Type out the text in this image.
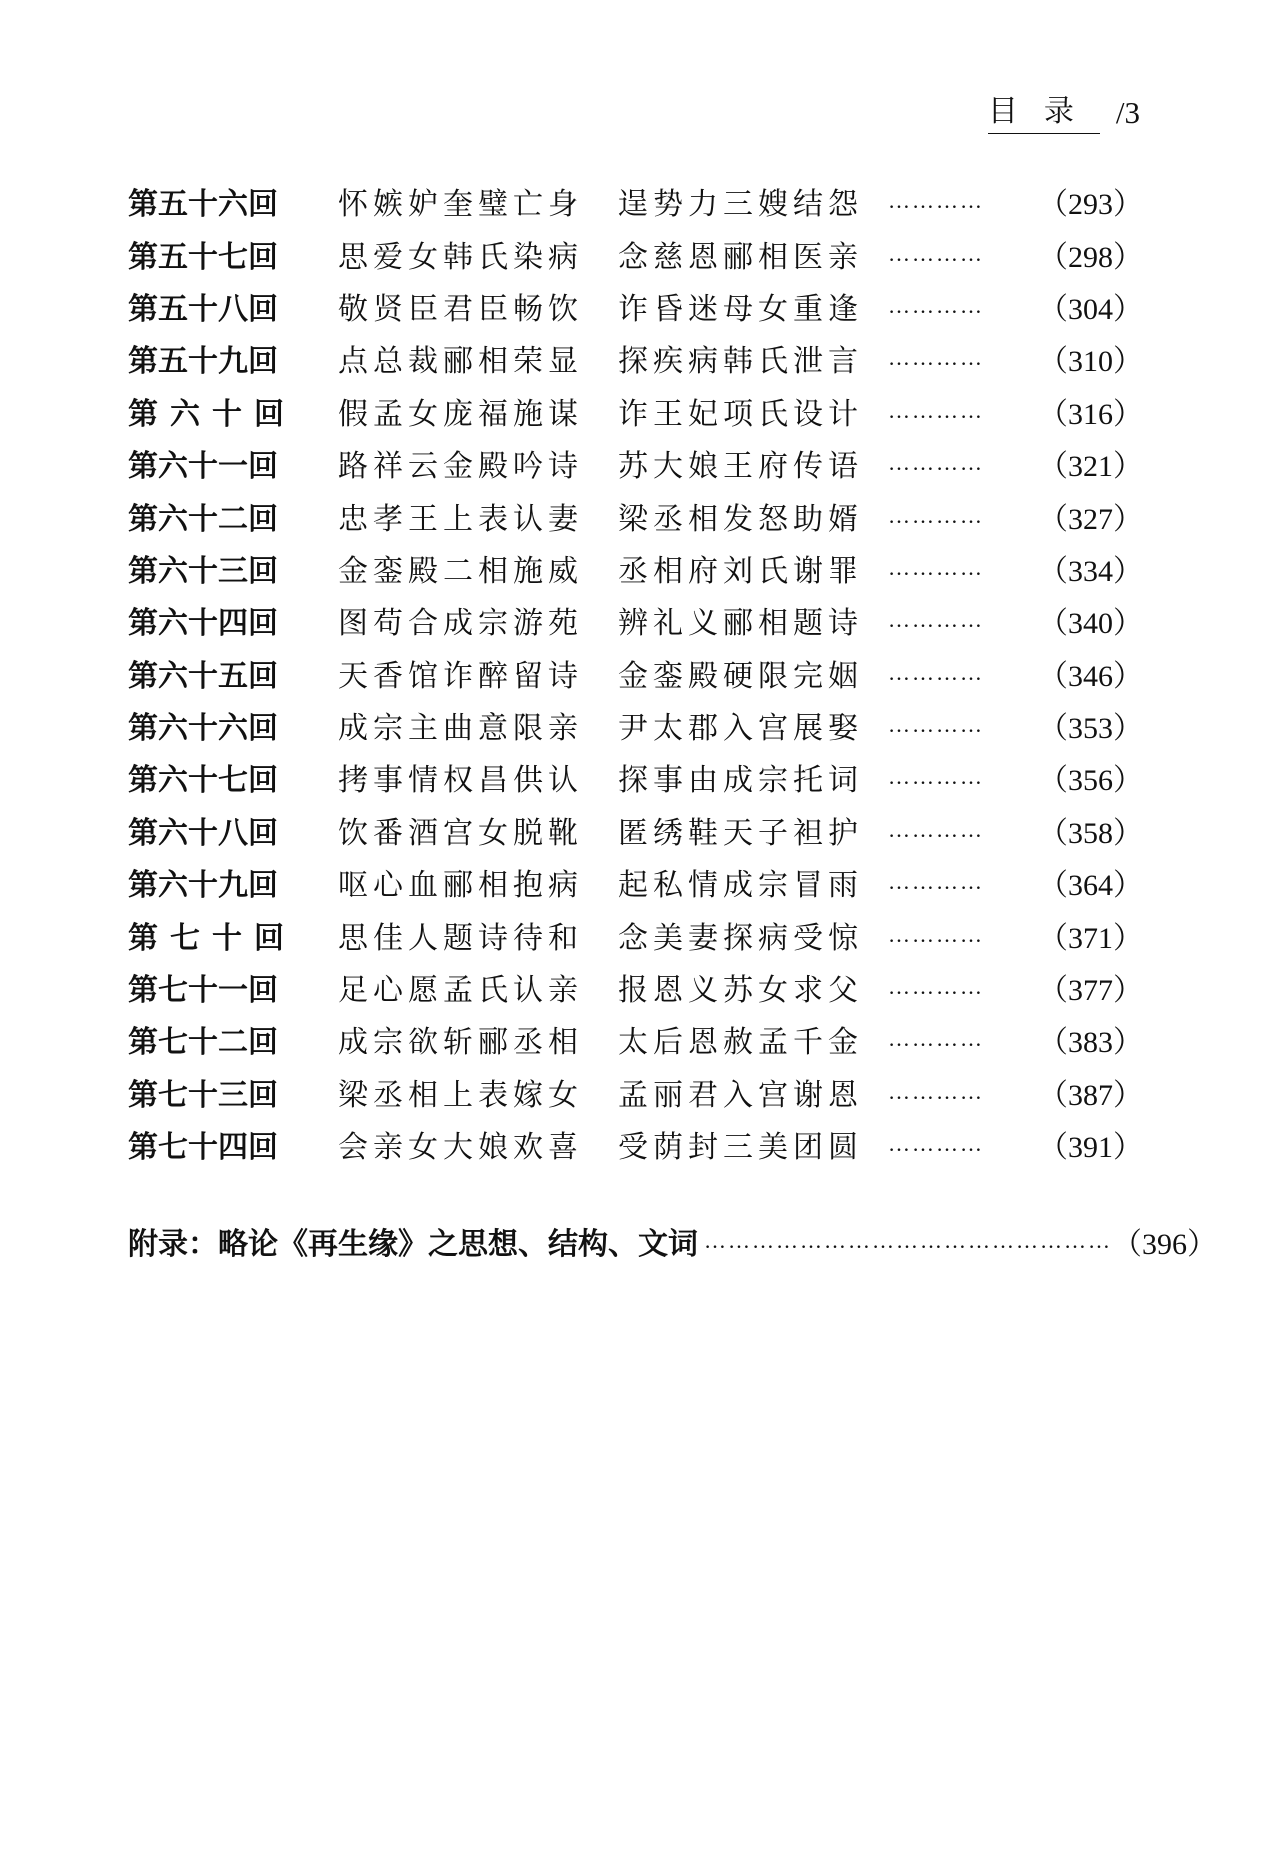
目录 /3
第五十六回	怀嫉妒奎璧亡身	逞势力三嫂结怨	…………	（293）
第五十七回	思爱女韩氏染病	念慈恩郦相医亲	…………	（298）
第五十八回	敬贤臣君臣畅饮	诈昏迷母女重逢	…………	（304）
第五十九回	点总裁郦相荣显	探疾病韩氏泄言	…………	（310）
第六十回	假孟女庞福施谋	诈王妃项氏设计	…………	（316）
第六十一回	路祥云金殿吟诗	苏大娘王府传语	…………	（321）
第六十二回	忠孝王上表认妻	梁丞相发怒助婿	…………	（327）
第六十三回	金銮殿二相施威	丞相府刘氏谢罪	…………	（334）
第六十四回	图苟合成宗游苑	辨礼义郦相题诗	…………	（340）
第六十五回	天香馆诈醉留诗	金銮殿硬限完姻	…………	（346）
第六十六回	成宗主曲意限亲	尹太郡入宫展娶	…………	（353）
第六十七回	拷事情权昌供认	探事由成宗托词	…………	（356）
第六十八回	饮番酒宫女脱靴	匿绣鞋天子袒护	…………	（358）
第六十九回	呕心血郦相抱病	起私情成宗冒雨	…………	（364）
第七十回	思佳人题诗待和	念美妻探病受惊	…………	（371）
第七十一回	足心愿孟氏认亲	报恩义苏女求父	…………	（377）
第七十二回	成宗欲斩郦丞相	太后恩赦孟千金	…………	（383）
第七十三回	梁丞相上表嫁女	孟丽君入宫谢恩	…………	（387）
第七十四回	会亲女大娘欢喜	受荫封三美团圆	…………	（391）
附录：略论《再生缘》之思想、结构、文词 …………………………………………… （396）
